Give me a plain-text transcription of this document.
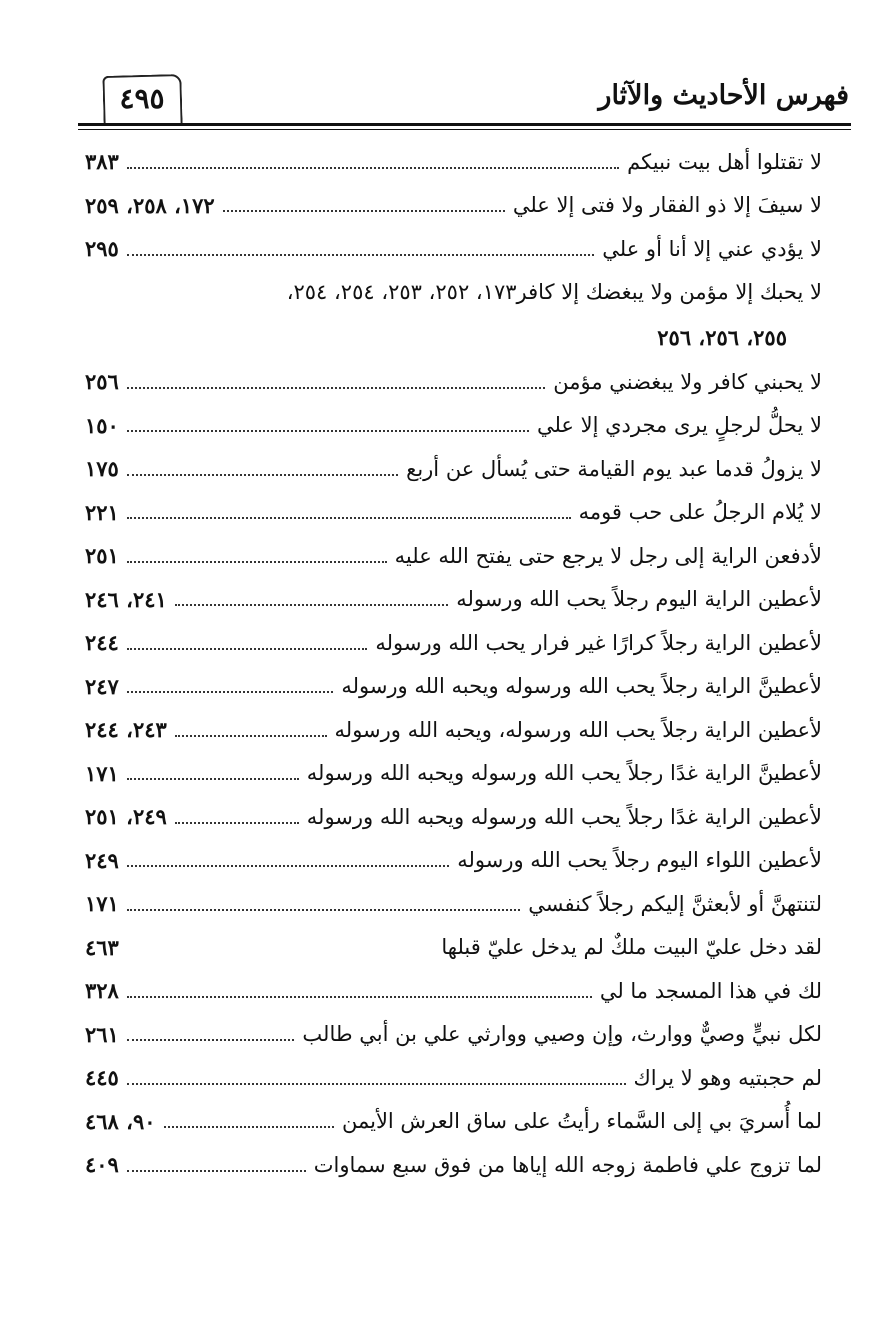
فهرس الأحاديث والآثار
٤٩٥
لا تقتلوا أهل بيت نبيكم
٣٨٣
لا سيفَ إلا ذو الفقار ولا فتى إلا علي
١٧٢، ٢٥٨، ٢٥٩
لا يؤدي عني إلا أنا أو علي
٢٩٥
لا يحبك إلا مؤمن ولا يبغضك إلا كافر١٧٣، ٢٥٢، ٢٥٣، ٢٥٤، ٢٥٤،
٢٥٥، ٢٥٦، ٢٥٦
لا يحبني كافر ولا يبغضني مؤمن
٢٥٦
لا يحلُّ لرجلٍ يرى مجردي إلا علي
١٥٠
لا يزولُ قدما عبد يوم القيامة حتى يُسأل عن أربع
١٧٥
لا يُلام الرجلُ على حب قومه
٢٢١
لأدفعن الراية إلى رجل لا يرجع حتى يفتح الله عليه
٢٥١
لأعطين الراية اليوم رجلاً يحب الله ورسوله
٢٤١، ٢٤٦
لأعطين الراية رجلاً كرارًا غير فرار يحب الله ورسوله
٢٤٤
لأعطينَّ الراية رجلاً يحب الله ورسوله ويحبه الله ورسوله
٢٤٧
لأعطين الراية رجلاً يحب الله ورسوله، ويحبه الله ورسوله
٢٤٣، ٢٤٤
لأعطينَّ الراية غدًا رجلاً يحب الله ورسوله ويحبه الله ورسوله
١٧١
لأعطين الراية غدًا رجلاً يحب الله ورسوله ويحبه الله ورسوله
٢٤٩، ٢٥١
لأعطين اللواء اليوم رجلاً يحب الله ورسوله
٢٤٩
لتنتهنَّ أو لأبعثنَّ إليكم رجلاً كنفسي
١٧١
لقد دخل عليّ البيت ملكٌ لم يدخل عليّ قبلها
٤٦٣
لك في هذا المسجد ما لي
٣٢٨
لكل نبيٍّ وصيٌّ ووارث، وإن وصيي ووارثي علي بن أبي طالب
٢٦١
لم حجبتيه وهو لا يراك
٤٤٥
لما أُسريَ بي إلى السَّماء رأيتُ على ساق العرش الأيمن
٩٠، ٤٦٨
لما تزوج علي فاطمة زوجه الله إياها من فوق سبع سماوات
٤٠٩
